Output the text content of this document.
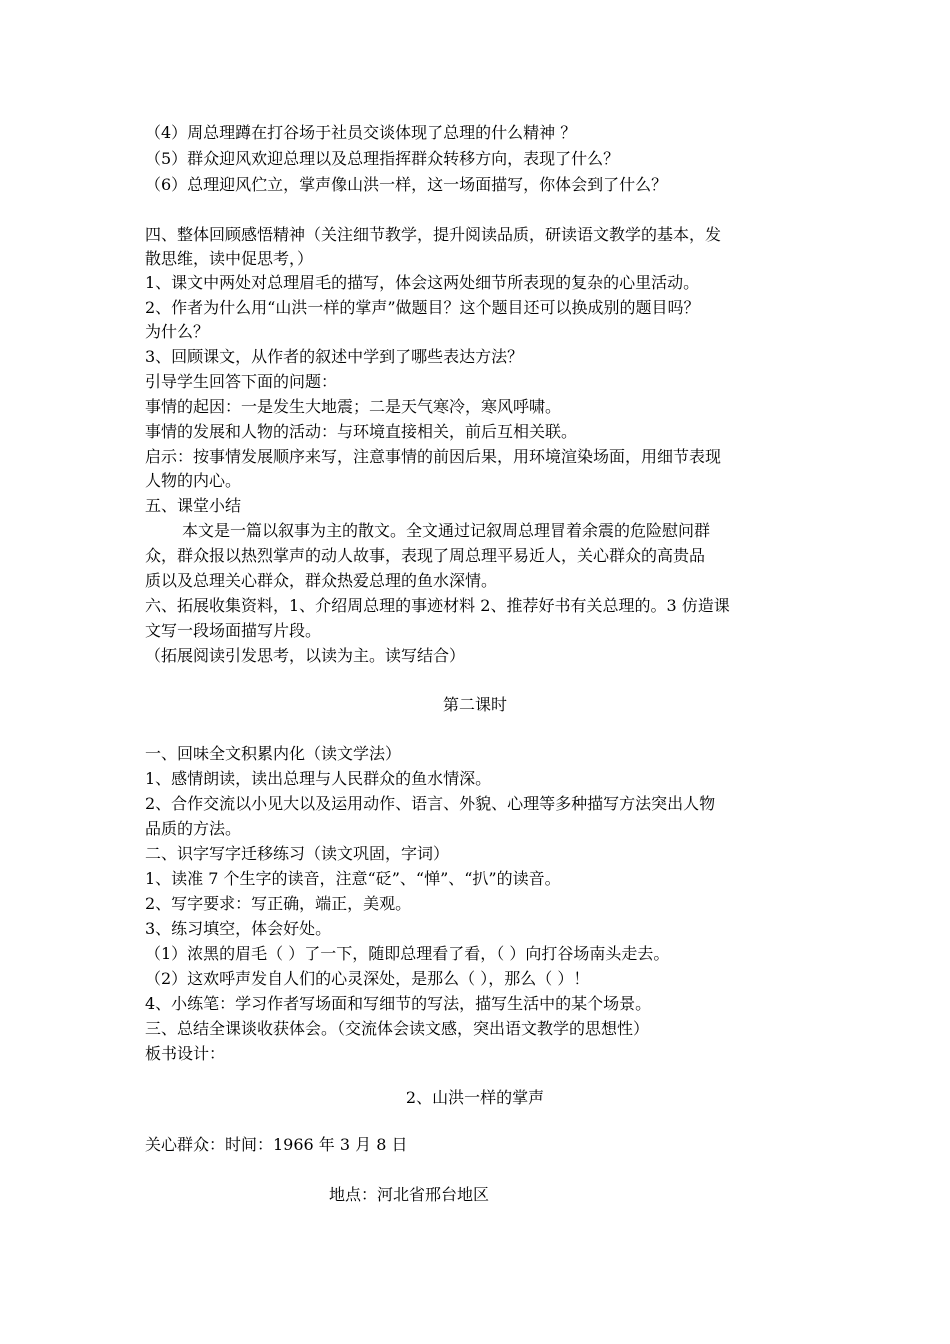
（4）周总理蹲在打谷场于社员交谈体现了总理的什么精神 ？
（5）群众迎风欢迎总理以及总理指挥群众转移方向，表现了什么？
（6）总理迎风伫立，掌声像山洪一样，这一场面描写，你体会到了什么？
四、整体回顾感悟精神（关注细节教学，提升阅读品质，研读语文教学的基本，发
散思维，读中促思考，）
1、课文中两处对总理眉毛的描写，体会这两处细节所表现的复杂的心里活动。
2、作者为什么用“山洪一样的掌声”做题目？这个题目还可以换成别的题目吗？
为什么？
3、回顾课文，从作者的叙述中学到了哪些表达方法？
引导学生回答下面的问题：
事情的起因：一是发生大地震；二是天气寒冷，寒风呼啸。
事情的发展和人物的活动：与环境直接相关，前后互相关联。
启示：按事情发展顺序来写，注意事情的前因后果，用环境渲染场面，用细节表现
人物的内心。
五、课堂小结
本文是一篇以叙事为主的散文。全文通过记叙周总理冒着余震的危险慰问群
众，群众报以热烈掌声的动人故事，表现了周总理平易近人，关心群众的高贵品
质以及总理关心群众，群众热爱总理的鱼水深情。
六、拓展收集资料，1、介绍周总理的事迹材料 2、推荐好书有关总理的。3 仿造课
文写一段场面描写片段。
（拓展阅读引发思考，以读为主。读写结合）
第二课时
一、回味全文积累内化（读文学法）
1、感情朗读，读出总理与人民群众的鱼水情深。
2、合作交流以小见大以及运用动作、语言、外貌、心理等多种描写方法突出人物
品质的方法。
二、识字写字迁移练习（读文巩固，字词）
1、读准 7 个生字的读音，注意“砭”、“惮”、“扒”的读音。
2、写字要求：写正确，端正，美观。
3、练习填空，体会好处。
（1）浓黑的眉毛（ ）了一下，随即总理看了看，（ ）向打谷场南头走去。
（2）这欢呼声发自人们的心灵深处，是那么（ ），那么（ ）！
4、小练笔：学习作者写场面和写细节的写法，描写生活中的某个场景。
三、总结全课谈收获体会。（交流体会读文感，突出语文教学的思想性）
板书设计：
2、山洪一样的掌声
关心群众：时间：1966 年 3 月 8 日
地点：河北省邢台地区
